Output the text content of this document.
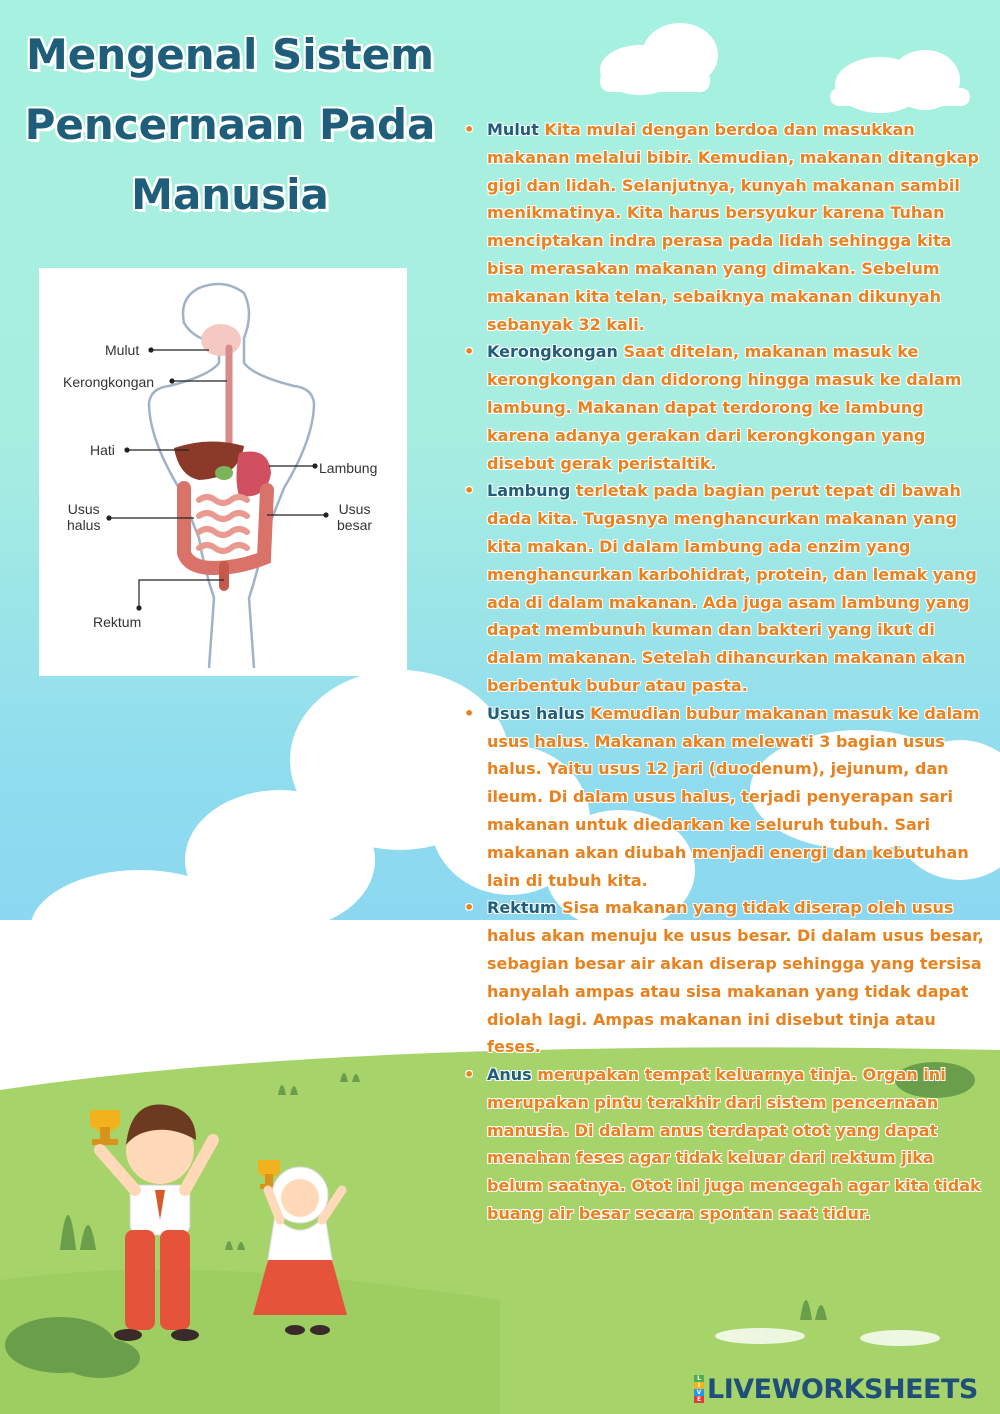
Mengenal Sistem
Pencernaan Pada
Manusia
Mulut
Kerongkongan
Hati
Lambung
Usus
halus
Usus
besar
Rektum
• Mulut Kita mulai dengan berdoa dan masukkan makanan melalui bibir. Kemudian, makanan ditangkap gigi dan lidah. Selanjutnya, kunyah makanan sambil menikmatinya. Kita harus bersyukur karena Tuhan menciptakan indra perasa pada lidah sehingga kita bisa merasakan makanan yang dimakan. Sebelum makanan kita telan, sebaiknya makanan dikunyah sebanyak 32 kali.
• Kerongkongan Saat ditelan, makanan masuk ke kerongkongan dan didorong hingga masuk ke dalam lambung. Makanan dapat terdorong ke lambung karena adanya gerakan dari kerongkongan yang disebut gerak peristaltik.
• Lambung terletak pada bagian perut tepat di bawah dada kita. Tugasnya menghancurkan makanan yang kita makan. Di dalam lambung ada enzim yang menghancurkan karbohidrat, protein, dan lemak yang ada di dalam makanan. Ada juga asam lambung yang dapat membunuh kuman dan bakteri yang ikut di dalam makanan. Setelah dihancurkan makanan akan berbentuk bubur atau pasta.
• Usus halus Kemudian bubur makanan masuk ke dalam usus halus. Makanan akan melewati 3 bagian usus halus. Yaitu usus 12 jari (duodenum), jejunum, dan ileum. Di dalam usus halus, terjadi penyerapan sari makanan untuk diedarkan ke seluruh tubuh. Sari makanan akan diubah menjadi energi dan kebutuhan lain di tubuh kita.
• Rektum Sisa makanan yang tidak diserap oleh usus halus akan menuju ke usus besar. Di dalam usus besar, sebagian besar air akan diserap sehingga yang tersisa hanyalah ampas atau sisa makanan yang tidak dapat diolah lagi. Ampas makanan ini disebut tinja atau feses.
• Anus merupakan tempat keluarnya tinja. Organ ini merupakan pintu terakhir dari sistem pencernaan manusia. Di dalam anus terdapat otot yang dapat menahan feses agar tidak keluar dari rektum jika belum saatnya. Otot ini juga mencegah agar kita tidak buang air besar secara spontan saat tidur.
L
I
V
E LIVEWORKSHEETS
